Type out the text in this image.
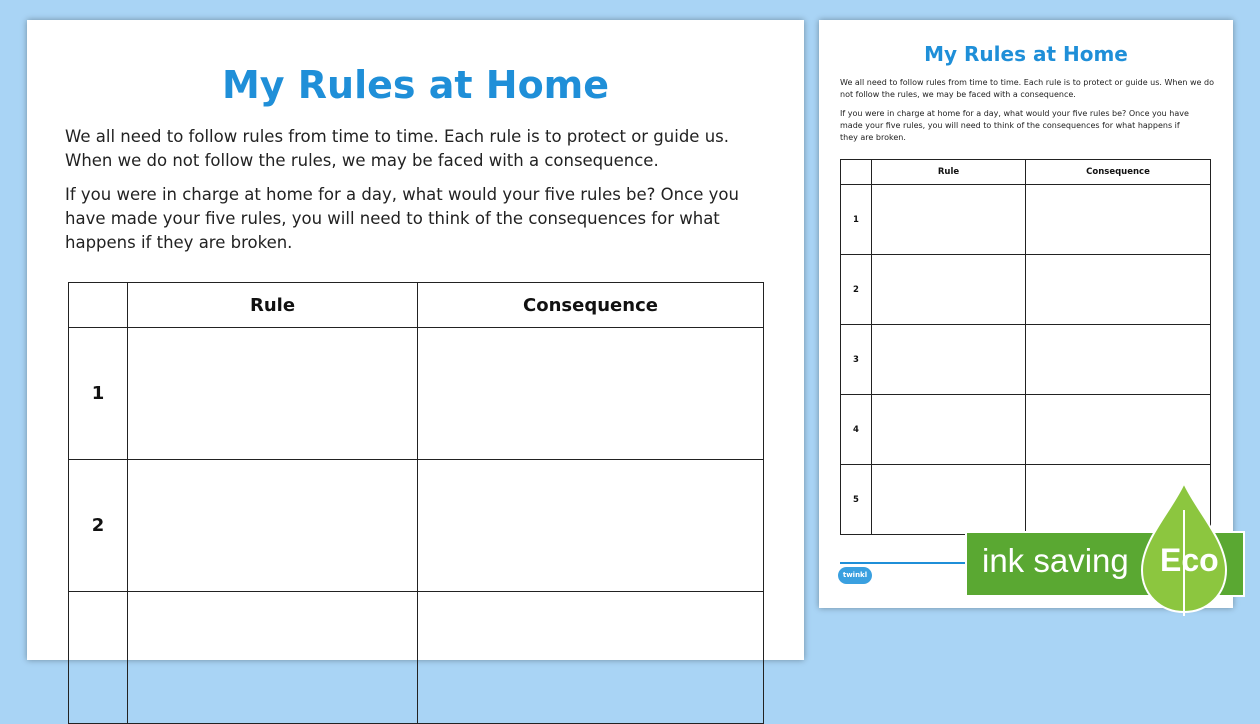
My Rules at Home
We all need to follow rules from time to time. Each rule is to protect or guide us. When we do not follow the rules, we may be faced with a consequence.
If you were in charge at home for a day, what would your five rules be? Once you have made your five rules, you will need to think of the consequences for what happens if they are broken.
	Rule	Consequence
1		
2		

My Rules at Home
We all need to follow rules from time to time. Each rule is to protect or guide us. When we do not follow the rules, we may be faced with a consequence.
If you were in charge at home for a day, what would your five rules be? Once you have made your five rules, you will need to think of the consequences for what happens if they are broken.
	Rule	Consequence
1		
2		
3		
4		
5		
twinkl	ink saving Eco
